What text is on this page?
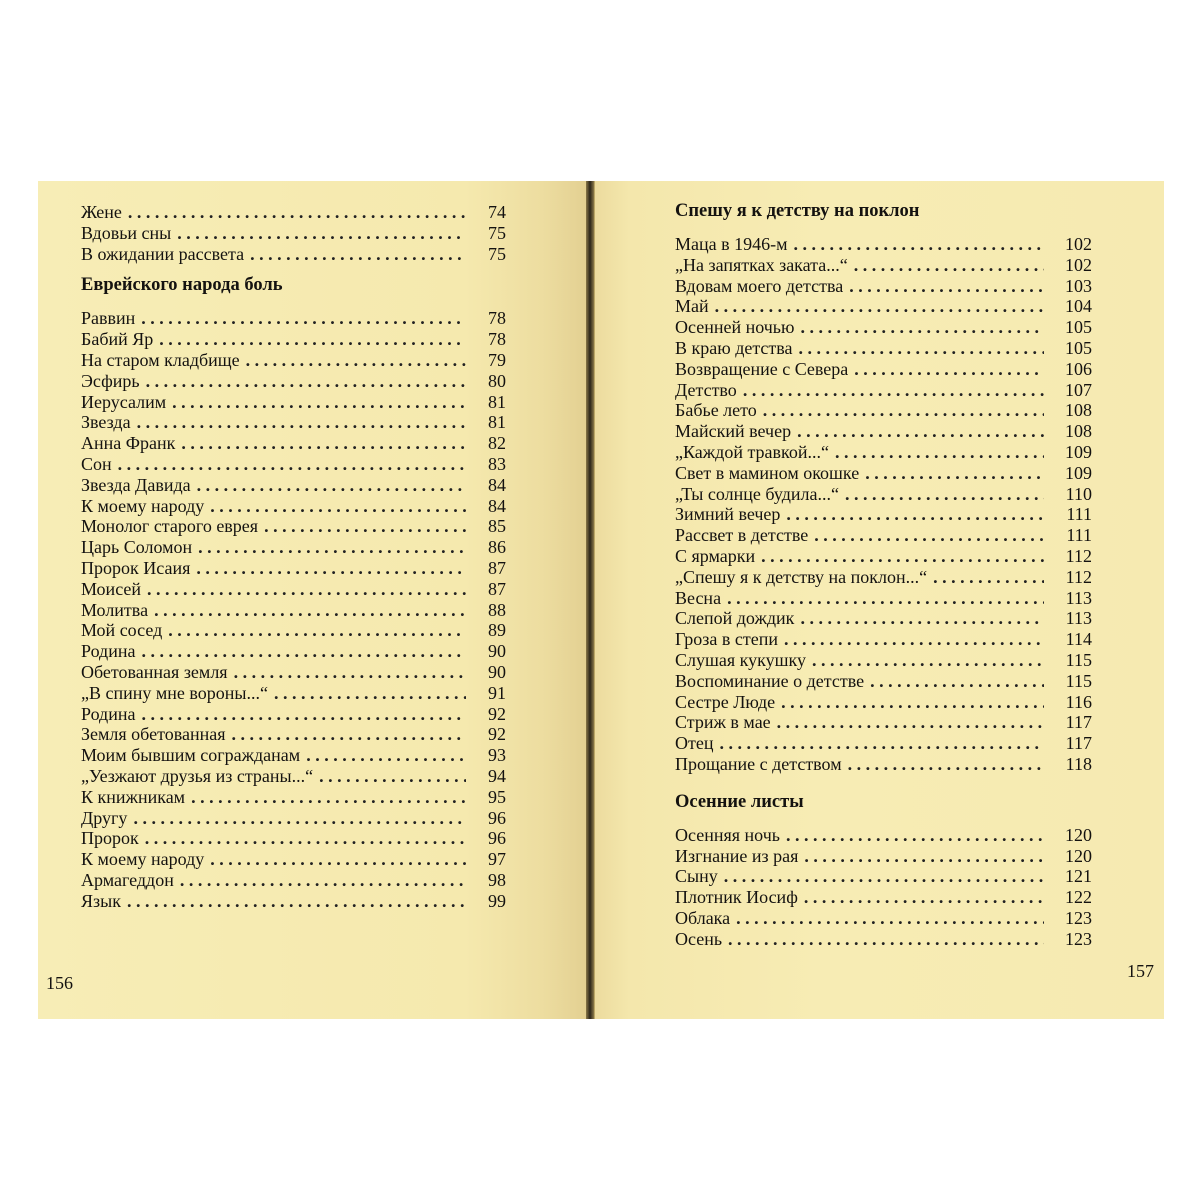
Жене . . .	74
Вдовьи сны . . .	75
В ожидании рассвета . . .	75
Еврейского народа боль
Раввин . . .	78
Бабий Яр . . .	78
На старом кладбище . . .	79
Эсфирь . . .	80
Иерусалим . . .	81
Звезда . . .	81
Анна Франк . . .	82
Сон . . .	83
Звезда Давида . . .	84
К моему народу . . .	84
Монолог старого еврея . . .	85
Царь Соломон . . .	86
Пророк Исаия . . .	87
Моисей . . .	87
Молитва . . .	88
Мой сосед . . .	89
Родина . . .	90
Обетованная земля . . .	90
„В спину мне вороны...“ . . .	91
Родина . . .	92
Земля обетованная . . .	92
Моим бывшим согражданам . . .	93
„Уезжают друзья из страны...“ . . .	94
К книжникам . . .	95
Другу . . .	96
Пророк . . .	96
К моему народу . . .	97
Армагеддон . . .	98
Язык . . .	99
156
Спешу я к детству на поклон
Маца в 1946-м . . .	102
„На запятках заката...“ . . .	102
Вдовам моего детства . . .	103
Май . . .	104
Осенней ночью . . .	105
В краю детства . . .	105
Возвращение с Севера . . .	106
Детство . . .	107
Бабье лето . . .	108
Майский вечер . . .	108
„Каждой травкой...“ . . .	109
Свет в мамином окошке . . .	109
„Ты солнце будила...“ . . .	110
Зимний вечер . . .	111
Рассвет в детстве . . .	111
С ярмарки . . .	112
„Спешу я к детству на поклон...“ . . .	112
Весна . . .	113
Слепой дождик . . .	113
Гроза в степи . . .	114
Слушая кукушку . . .	115
Воспоминание о детстве . . .	115
Сестре Люде . . .	116
Стриж в мае . . .	117
Отец . . .	117
Прощание с детством . . .	118
Осенние листы
Осенняя ночь . . .	120
Изгнание из рая . . .	120
Сыну . . .	121
Плотник Иосиф . . .	122
Облака . . .	123
Осень . . .	123
157
